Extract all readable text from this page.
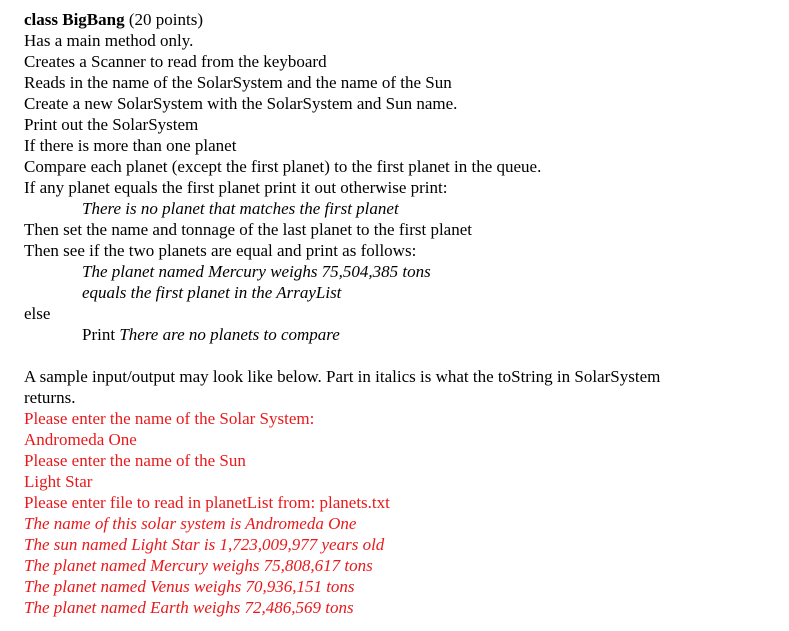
class BigBang (20 points)
Has a main method only.
Creates a Scanner to read from the keyboard
Reads in the name of the SolarSystem and the name of the Sun
Create a new SolarSystem with the SolarSystem and Sun name.
Print out the SolarSystem
If there is more than one planet
Compare each planet (except the first planet) to the first planet in the queue.
If any planet equals the first planet print it out otherwise print:
There is no planet that matches the first planet
Then set the name and tonnage of the last planet to the first planet
Then see if the two planets are equal and print as follows:
The planet named Mercury weighs 75,504,385 tons
equals the first planet in the ArrayList
else
Print There are no planets to compare
A sample input/output may look like below. Part in italics is what the toString in SolarSystem
returns.
Please enter the name of the Solar System:
Andromeda One
Please enter the name of the Sun
Light Star
Please enter file to read in planetList from: planets.txt
The name of this solar system is Andromeda One
The sun named Light Star is 1,723,009,977 years old
The planet named Mercury weighs 75,808,617 tons
The planet named Venus weighs 70,936,151 tons
The planet named Earth weighs 72,486,569 tons
